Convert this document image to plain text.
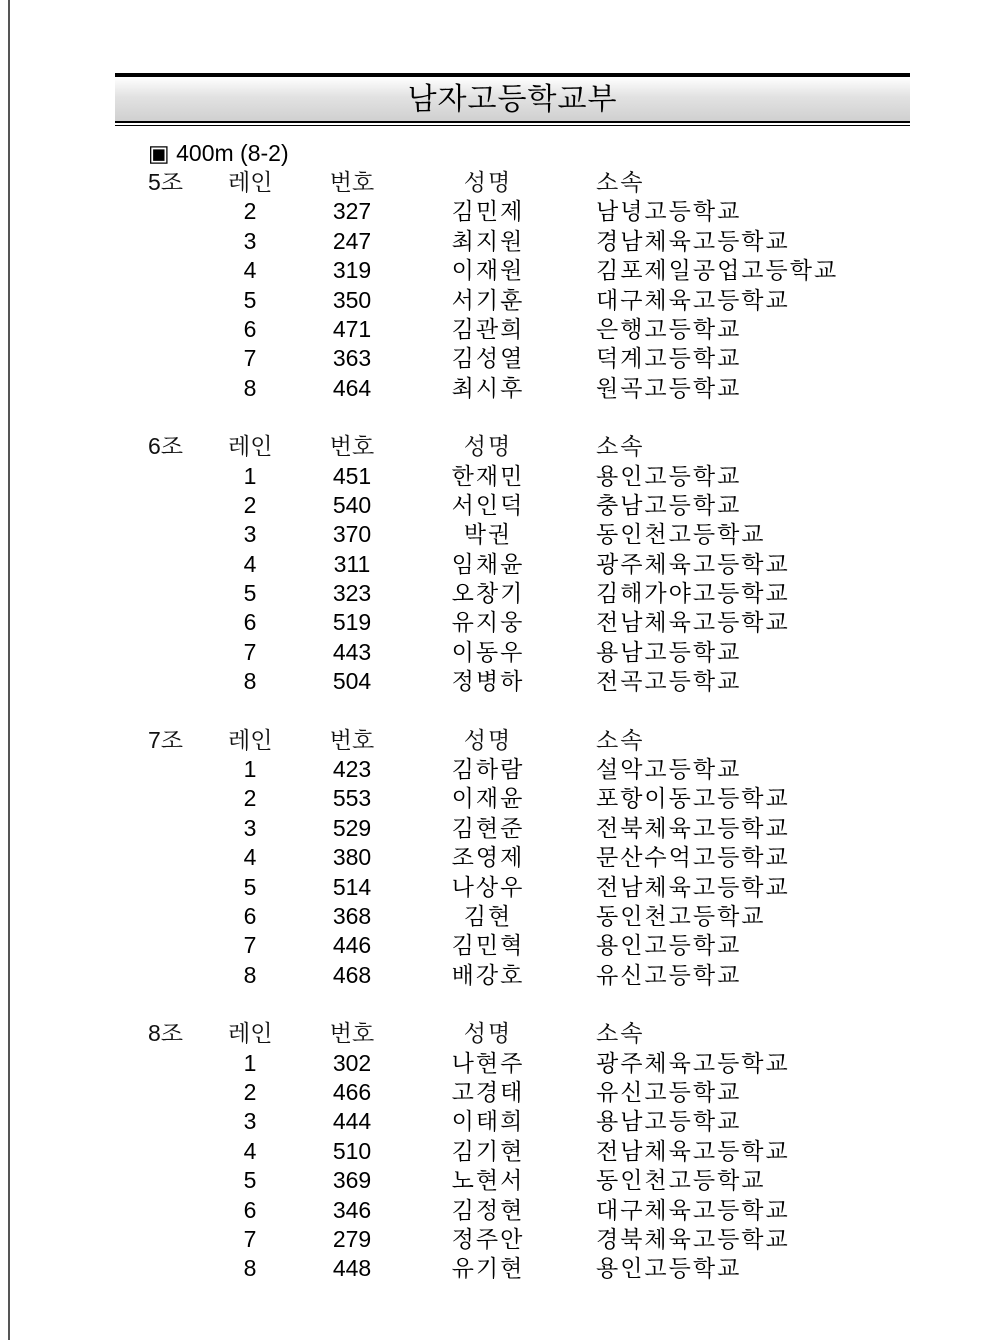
남자고등학교부
▣ 400m (8-2)
5조 레인 번호	성명	소속
2	327	김민제	남녕고등학교
3	247	최지원	경남체육고등학교
4	319	이재원	김포제일공업고등학교
5	350	서기훈	대구체육고등학교
6	471	김관희	은행고등학교
7	363	김성열	덕계고등학교
8	464	최시후	원곡고등학교
6조 레인 번호	성명	소속
1	451	한재민	용인고등학교
2	540	서인덕	충남고등학교
3	370	박권	동인천고등학교
4	311	임채윤	광주체육고등학교
5	323	오창기	김해가야고등학교
6	519	유지웅	전남체육고등학교
7	443	이동우	용남고등학교
8	504	정병하	전곡고등학교
7조 레인 번호	성명	소속
1	423	김하람	설악고등학교
2	553	이재윤	포항이동고등학교
3	529	김현준	전북체육고등학교
4	380	조영제	문산수억고등학교
5	514	나상우	전남체육고등학교
6	368	김현	동인천고등학교
7	446	김민혁	용인고등학교
8	468	배강호	유신고등학교
8조 레인 번호	성명	소속
1	302	나현주	광주체육고등학교
2	466	고경태	유신고등학교
3	444	이태희	용남고등학교
4	510	김기현	전남체육고등학교
5	369	노현서	동인천고등학교
6	346	김정현	대구체육고등학교
7	279	정주안	경북체육고등학교
8	448	유기현	용인고등학교
